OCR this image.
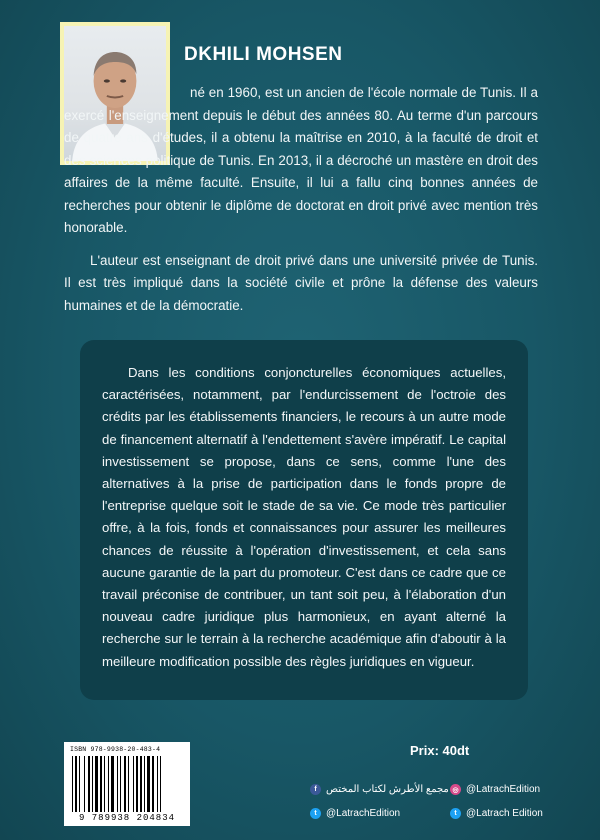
DKHILI MOHSEN

né en 1960, est un ancien de l'école normale de Tunis. Il a exercé l'enseignement depuis le début des années 80. Au terme d'un parcours de quatre ans d'études, il a obtenu la maîtrise en 2010, à la faculté de droit et des sciences politique de Tunis. En 2013, il a décroché un mastère en droit des affaires de la même faculté. Ensuite, il lui a fallu cinq bonnes années de recherches pour obtenir le diplôme de doctorat en droit privé avec mention très honorable.

L'auteur est enseignant de droit privé dans une université privée de Tunis. Il est très impliqué dans la société civile et prône la défense des valeurs humaines et de la démocratie.

Dans les conditions conjoncturelles économiques actuelles, caractérisées, notamment, par l'endurcissement de l'octroie des crédits par les établissements financiers, le recours à un autre mode de financement alternatif à l'endettement s'avère impératif. Le capital investissement se propose, dans ce sens, comme l'une des alternatives à la prise de participation dans le fonds propre de l'entreprise quelque soit le stade de sa vie. Ce mode très particulier offre, à la fois, fonds et connaissances pour assurer les meilleures chances de réussite à l'opération d'investissement, et cela sans aucune garantie de la part du promoteur. C'est dans ce cadre que ce travail préconise de contribuer, un tant soit peu, à l'élaboration d'un nouveau cadre juridique plus harmonieux, en ayant alterné la recherche sur le terrain à la recherche académique afin d'aboutir à la meilleure modification possible des règles juridiques en vigueur.

ISBN 978-9938-20-483-4
9 789938 204834
Prix: 40dt
f مجمع الأطرش لكتاب المختص ◎ @LatrachEdition
t @LatrachEdition	t @Latrach Edition
